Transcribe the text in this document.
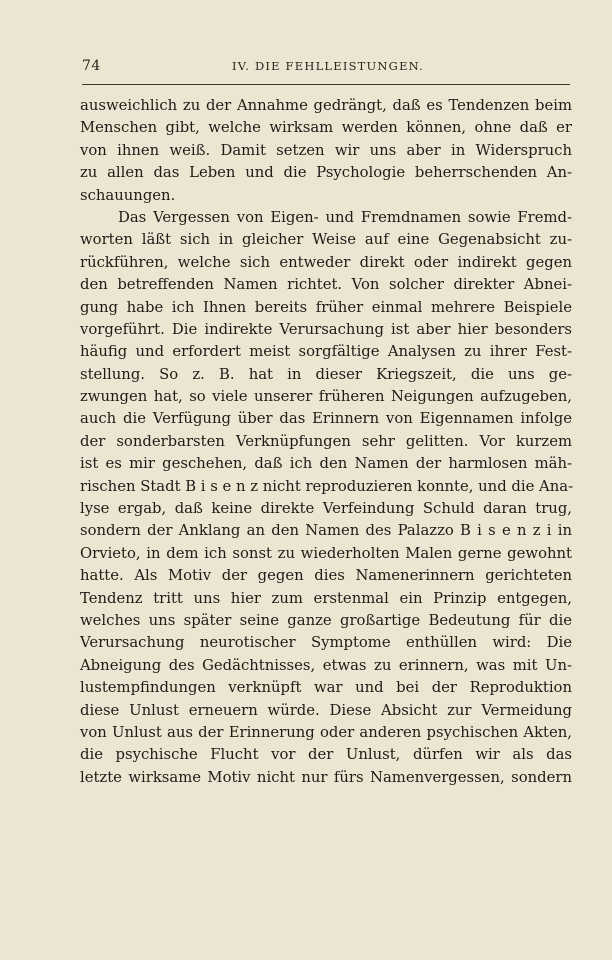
74	IV. DIE FEHLLEISTUNGEN.
ausweichlich zu der Annahme gedrängt, daß es Tendenzen beim
Menschen gibt, welche wirksam werden können, ohne daß er
von ihnen weiß. Damit setzen wir uns aber in Widerspruch
zu allen das Leben und die Psychologie beherrschenden An-
schauungen.
Das Vergessen von Eigen- und Fremdnamen sowie Fremd-
worten läßt sich in gleicher Weise auf eine Gegenabsicht zu-
rückführen, welche sich entweder direkt oder indirekt gegen
den betreffenden Namen richtet. Von solcher direkter Abnei-
gung habe ich Ihnen bereits früher einmal mehrere Beispiele
vorgeführt. Die indirekte Verursachung ist aber hier besonders
häufig und erfordert meist sorgfältige Analysen zu ihrer Fest-
stellung. So z. B. hat in dieser Kriegszeit, die uns ge-
zwungen hat, so viele unserer früheren Neigungen aufzugeben,
auch die Verfügung über das Erinnern von Eigennamen infolge
der sonderbarsten Verknüpfungen sehr gelitten. Vor kurzem
ist es mir geschehen, daß ich den Namen der harmlosen mäh-
rischen Stadt B i s e n z nicht reproduzieren konnte, und die Ana-
lyse ergab, daß keine direkte Verfeindung Schuld daran trug,
sondern der Anklang an den Namen des Palazzo B i s e n z i in
Orvieto, in dem ich sonst zu wiederholten Malen gerne gewohnt
hatte. Als Motiv der gegen dies Namenerinnern gerichteten
Tendenz tritt uns hier zum erstenmal ein Prinzip entgegen,
welches uns später seine ganze großartige Bedeutung für die
Verursachung neurotischer Symptome enthüllen wird: Die
Abneigung des Gedächtnisses, etwas zu erinnern, was mit Un-
lustempfindungen verknüpft war und bei der Reproduktion
diese Unlust erneuern würde. Diese Absicht zur Vermeidung
von Unlust aus der Erinnerung oder anderen psychischen Akten,
die psychische Flucht vor der Unlust, dürfen wir als das
letzte wirksame Motiv nicht nur fürs Namenvergessen, sondern
